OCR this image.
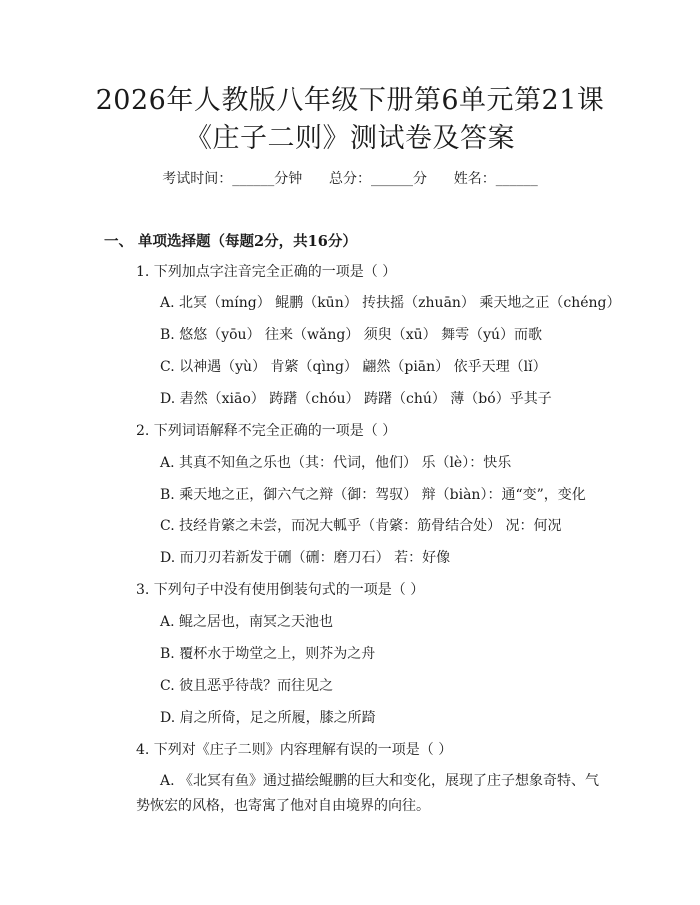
2026年人教版八年级下册第6单元第21课
《庄子二则》测试卷及答案
考试时间：______分钟      总分：______分      姓名：______
一、 单项选择题（每题2分，共16分）
1. 下列加点字注音完全正确的一项是（ ）
A. 北冥（míng） 鲲鹏（kūn） 抟扶摇（zhuān） 乘天地之正（chéng）
B. 悠悠（yōu） 往来（wǎng） 须臾（xū） 舞雩（yú）而歌
C. 以神遇（yù） 肯綮（qìng） 翩然（piān） 依乎天理（lǐ）
D. 砉然（xiāo） 踌躇（chóu） 踌躇（chú） 薄（bó）乎其子
2. 下列词语解释不完全正确的一项是（ ）
A. 其真不知鱼之乐也（其：代词，他们） 乐（lè）：快乐
B. 乘天地之正，御六气之辩（御：驾驭） 辩（biàn）：通“变”，变化
C. 技经肯綮之未尝，而况大軱乎（肯綮：筋骨结合处） 况：何况
D. 而刀刃若新发于硎（硎：磨刀石） 若：好像
3. 下列句子中没有使用倒装句式的一项是（ ）
A. 鲲之居也，南冥之天池也
B. 覆杯水于坳堂之上，则芥为之舟
C. 彼且恶乎待哉？而往见之
D. 肩之所倚，足之所履，膝之所踦
4. 下列对《庄子二则》内容理解有误的一项是（ ）
A. 《北冥有鱼》通过描绘鲲鹏的巨大和变化，展现了庄子想象奇特、气
势恢宏的风格，也寄寓了他对自由境界的向往。
